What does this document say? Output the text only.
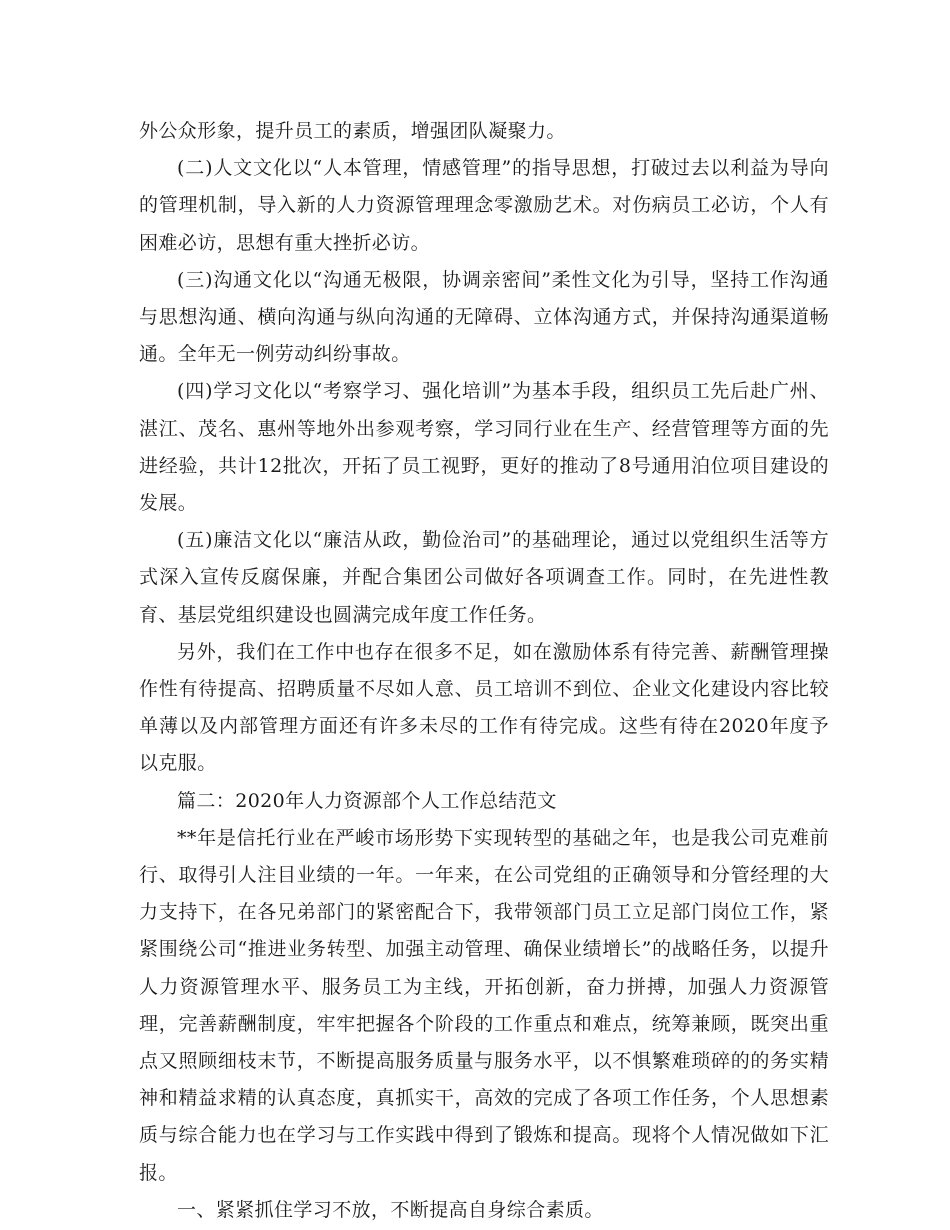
外公众形象，提升员工的素质，增强团队凝聚力。

(二)人文文化以“人本管理，情感管理”的指导思想，打破过去以利益为导向的管理机制，导入新的人力资源管理理念零激励艺术。对伤病员工必访，个人有困难必访，思想有重大挫折必访。

(三)沟通文化以“沟通无极限，协调亲密间”柔性文化为引导，坚持工作沟通与思想沟通、横向沟通与纵向沟通的无障碍、立体沟通方式，并保持沟通渠道畅通。全年无一例劳动纠纷事故。

(四)学习文化以“考察学习、强化培训”为基本手段，组织员工先后赴广州、湛江、茂名、惠州等地外出参观考察，学习同行业在生产、经营管理等方面的先进经验，共计12批次，开拓了员工视野，更好的推动了8号通用泊位项目建设的发展。

(五)廉洁文化以“廉洁从政，勤俭治司”的基础理论，通过以党组织生活等方式深入宣传反腐保廉，并配合集团公司做好各项调查工作。同时，在先进性教育、基层党组织建设也圆满完成年度工作任务。

另外，我们在工作中也存在很多不足，如在激励体系有待完善、薪酬管理操作性有待提高、招聘质量不尽如人意、员工培训不到位、企业文化建设内容比较单薄以及内部管理方面还有许多未尽的工作有待完成。这些有待在2020年度予以克服。

篇二：2020年人力资源部个人工作总结范文

**年是信托行业在严峻市场形势下实现转型的基础之年，也是我公司克难前行、取得引人注目业绩的一年。一年来，在公司党组的正确领导和分管经理的大力支持下，在各兄弟部门的紧密配合下，我带领部门员工立足部门岗位工作，紧紧围绕公司“推进业务转型、加强主动管理、确保业绩增长”的战略任务，以提升人力资源管理水平、服务员工为主线，开拓创新，奋力拼搏，加强人力资源管理，完善薪酬制度，牢牢把握各个阶段的工作重点和难点，统筹兼顾，既突出重点又照顾细枝末节，不断提高服务质量与服务水平，以不惧繁难琐碎的的务实精神和精益求精的认真态度，真抓实干，高效的完成了各项工作任务，个人思想素质与综合能力也在学习与工作实践中得到了锻炼和提高。现将个人情况做如下汇报。

一、紧紧抓住学习不放，不断提高自身综合素质。
